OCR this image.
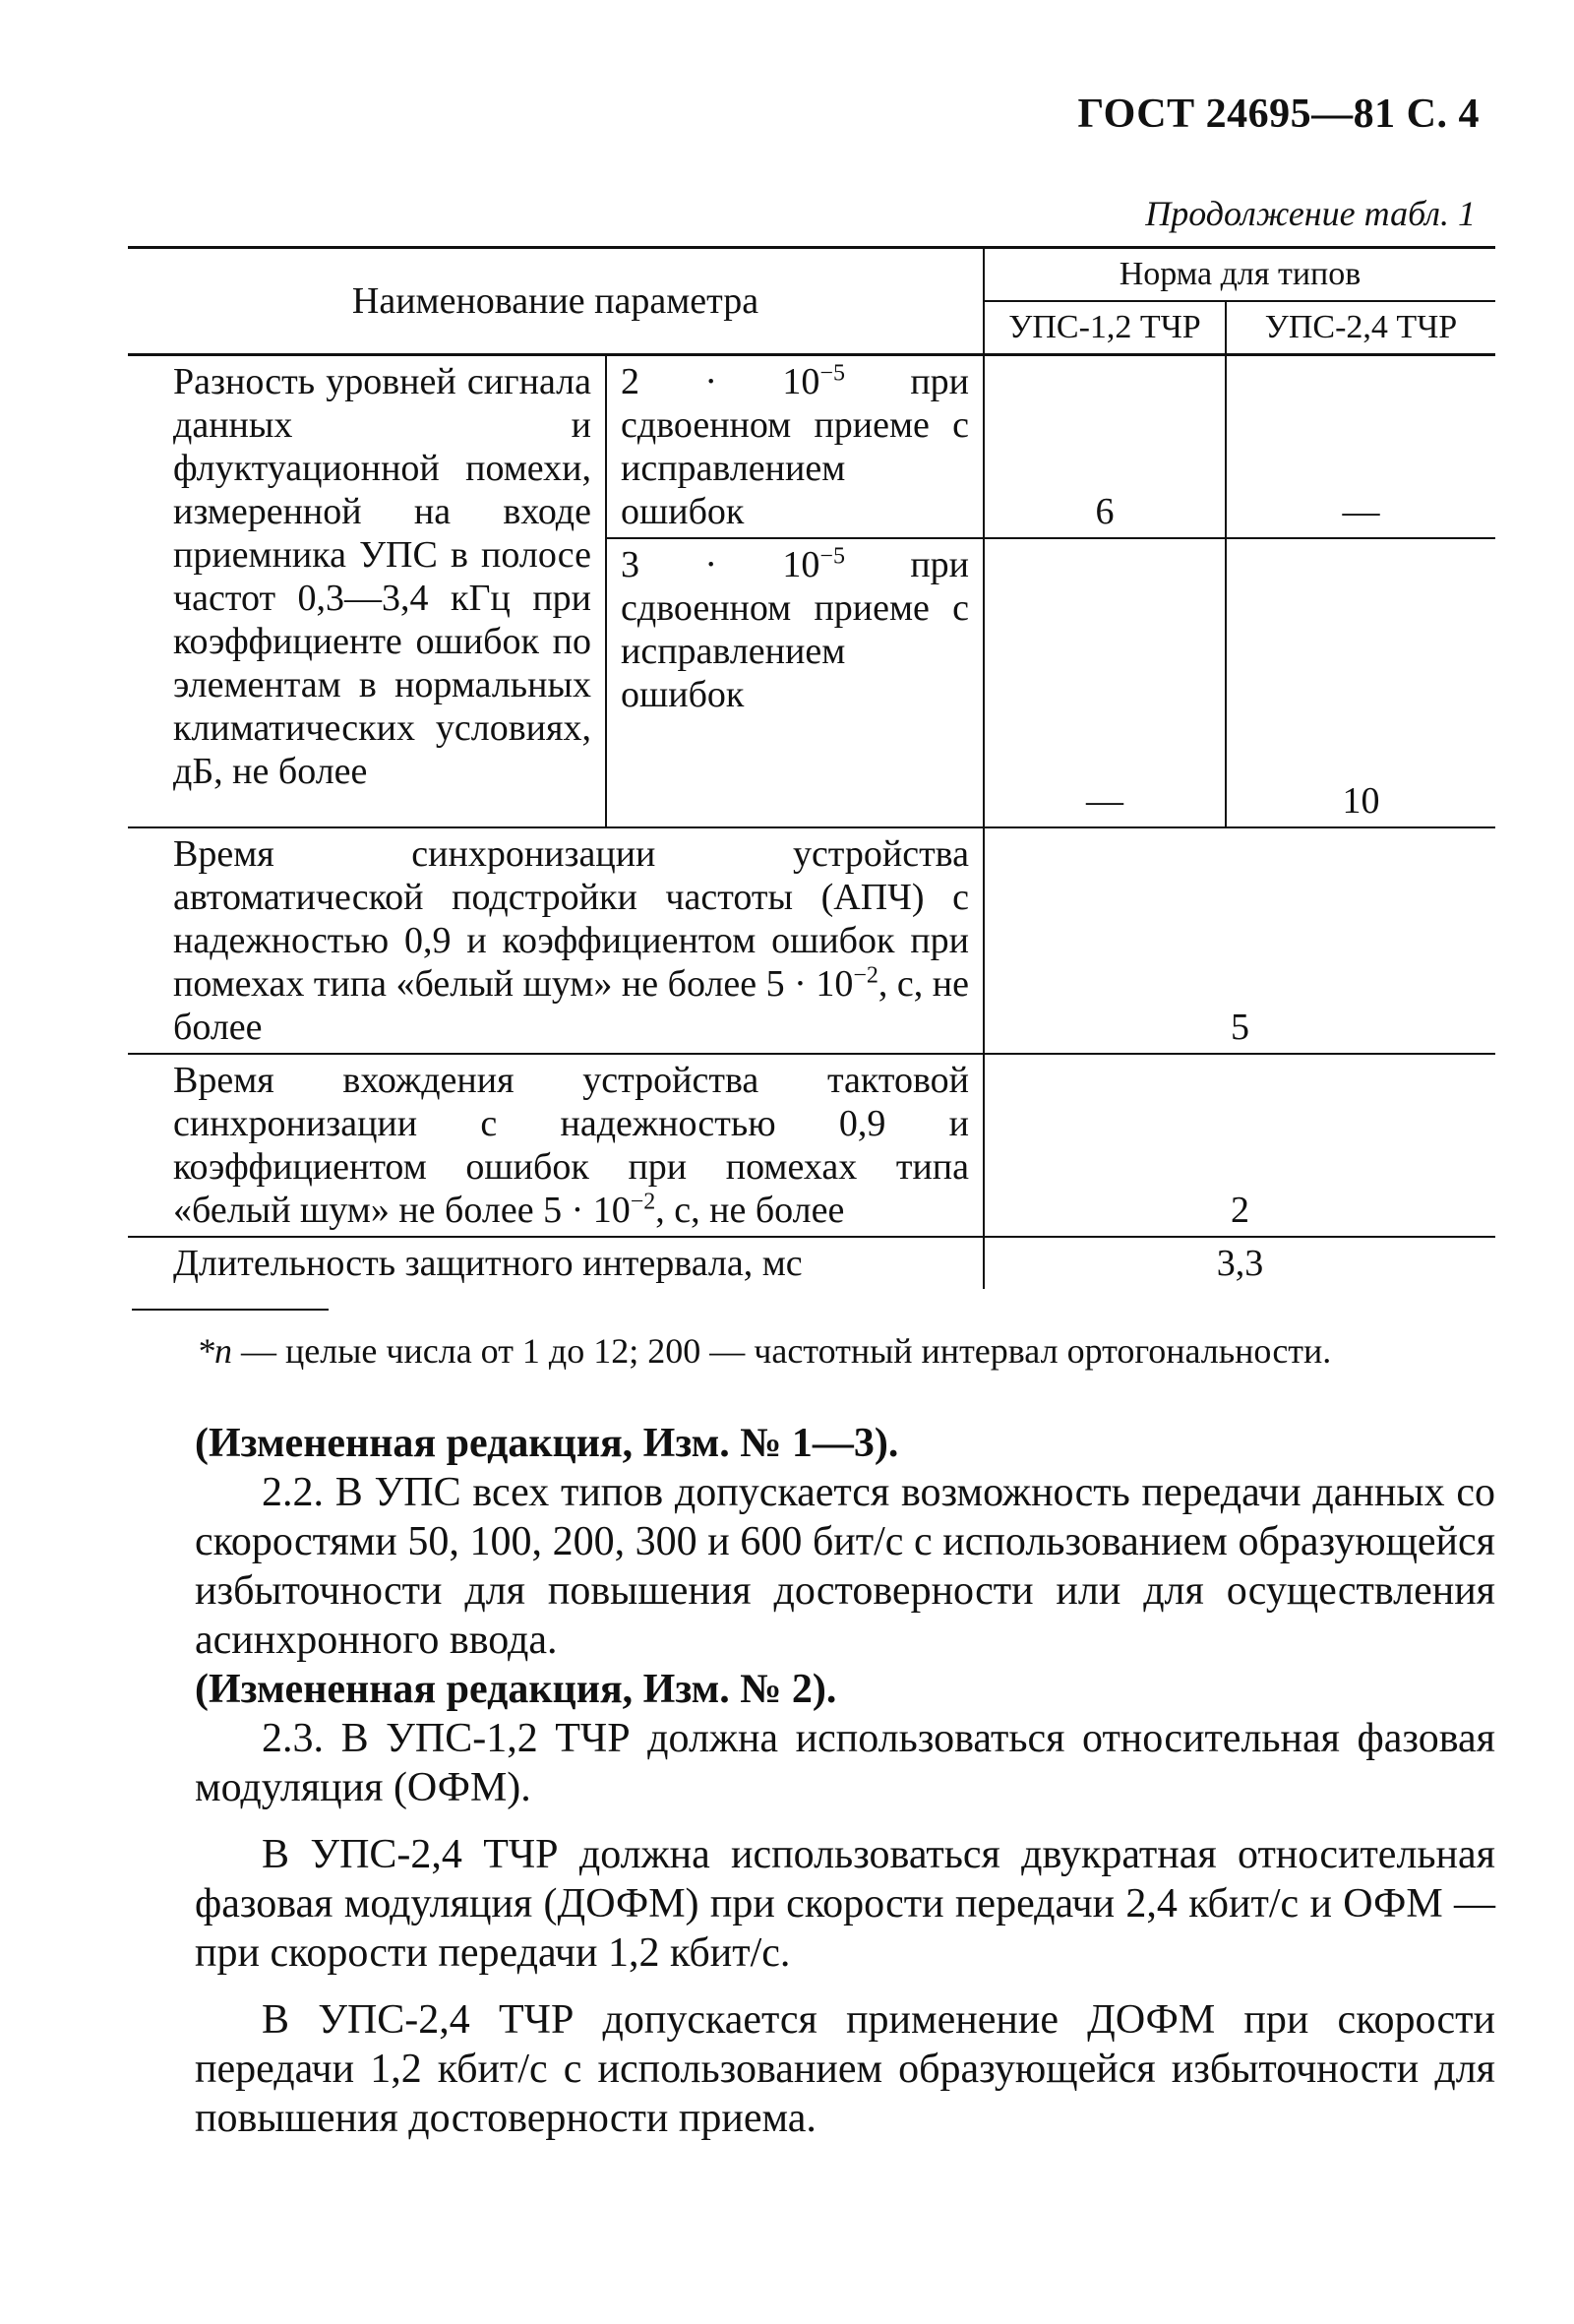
ГОСТ 24695—81 С. 4
Продолжение табл. 1
Наименование параметра		Норма для типов	
		УПС-1,2 ТЧР	УПС-2,4 ТЧР
Разность уровней сигнала данных и флуктуационной помехи, измеренной на входе приемника УПС в полосе частот 0,3—3,4 кГц при коэффициенте ошибок по элементам в нормальных климатических условиях, дБ, не более	$2 \cdot 10^{-5}$ при сдвоенном приеме с исправлением ошибок	6	—
	$3 \cdot 10^{-5}$ при сдвоенном приеме с исправлением ошибок	—	10
Время синхронизации устройства автоматической подстройки частоты (АПЧ) с надежностью 0,9 и коэффициентом ошибок при помехах типа «белый шум» не более $5 \cdot 10^{-2}$, с, не более		5	
Время вхождения устройства тактовой синхронизации с надежностью 0,9 и коэффициентом ошибок при помехах типа «белый шум» не более $5 \cdot 10^{-2}$, с, не более		2	
Длительность защитного интервала, мс		3,3	
*n — целые числа от 1 до 12; 200 — частотный интервал ортогональности.

(Измененная редакция, Изм. № 1—3).

2.2. В УПС всех типов допускается возможность передачи данных со скоростями 50, 100, 200, 300 и 600 бит/с с использованием образующейся избыточности для повышения достоверности или для осуществления асинхронного ввода.

(Измененная редакция, Изм. № 2).

2.3. В УПС-1,2 ТЧР должна использоваться относительная фазовая модуляция (ОФМ).

В УПС-2,4 ТЧР должна использоваться двукратная относительная фазовая модуляция (ДОФМ) при скорости передачи 2,4 кбит/с и ОФМ — при скорости передачи 1,2 кбит/с.

В УПС-2,4 ТЧР допускается применение ДОФМ при скорости передачи 1,2 кбит/с с использованием образующейся избыточности для повышения достоверности приема.
